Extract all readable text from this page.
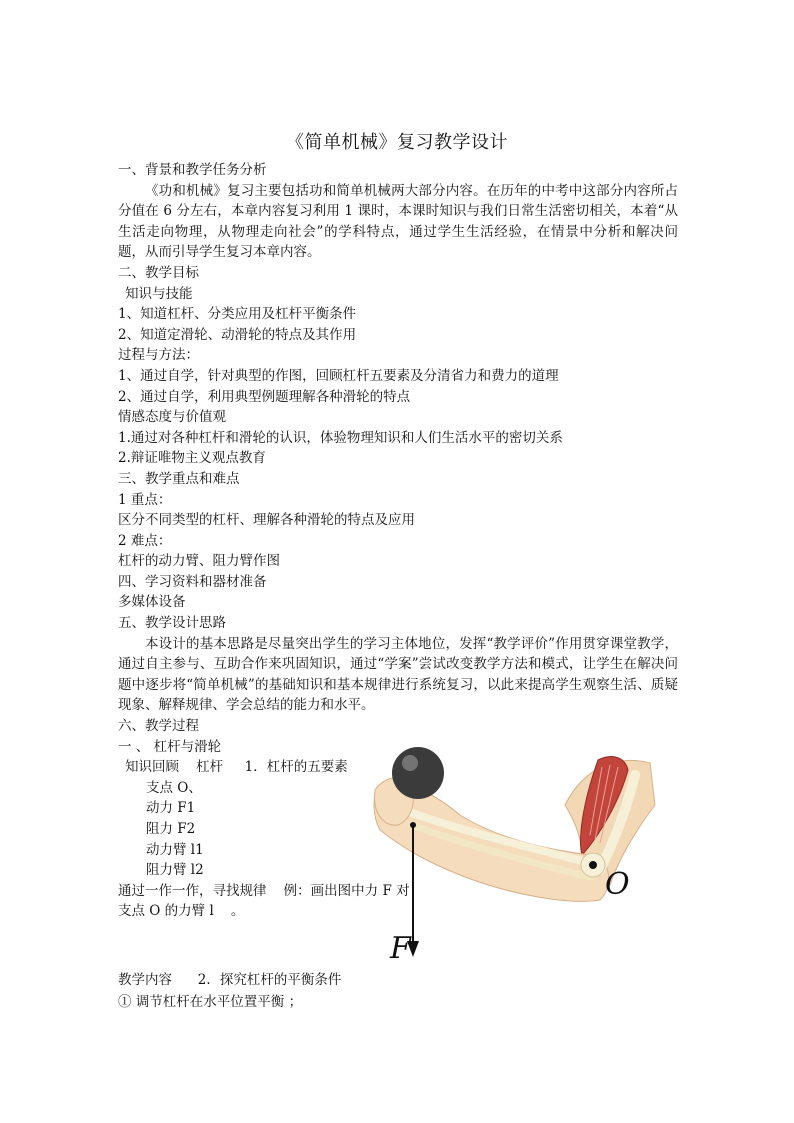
《简单机械》复习教学设计
一、背景和教学任务分析
《功和机械》复习主要包括功和简单机械两大部分内容。在历年的中考中这部分内容所占分值在 6 分左右，本章内容复习利用 1 课时，本课时知识与我们日常生活密切相关，本着“从生活走向物理，从物理走向社会”的学科特点，通过学生生活经验，在情景中分析和解决问题，从而引导学生复习本章内容。
二、教学目标
知识与技能
1、知道杠杆、分类应用及杠杆平衡条件
2、知道定滑轮、动滑轮的特点及其作用
过程与方法：
1、通过自学，针对典型的作图，回顾杠杆五要素及分清省力和费力的道理
2、通过自学，利用典型例题理解各种滑轮的特点
情感态度与价值观
1.通过对各种杠杆和滑轮的认识，体验物理知识和人们生活水平的密切关系
2.辩证唯物主义观点教育
三、教学重点和难点
1 重点：
区分不同类型的杠杆、理解各种滑轮的特点及应用
2 难点：
杠杆的动力臂、阻力臂作图
四、学习资料和器材准备
多媒体设备
五、教学设计思路
本设计的基本思路是尽量突出学生的学习主体地位，发挥“教学评价”作用贯穿课堂教学，通过自主参与、互助合作来巩固知识，通过“学案”尝试改变教学方法和模式，让学生在解决问题中逐步将“简单机械”的基础知识和基本规律进行系统复习，以此来提高学生观察生活、质疑现象、解释规律、学会总结的能力和水平。
六、教学过程
一 、 杠杆与滑轮
知识回顾    杠杆     1．杠杆的五要素
支点 O、
动力 F1
阻力 F2
动力臂 l1
阻力臂 l2
通过一作一作，寻找规律    例：画出图中力 F 对
支点 O 的力臂 l    。
O
F
教学内容      2．探究杠杆的平衡条件
① 调节杠杆在水平位置平衡 ；
